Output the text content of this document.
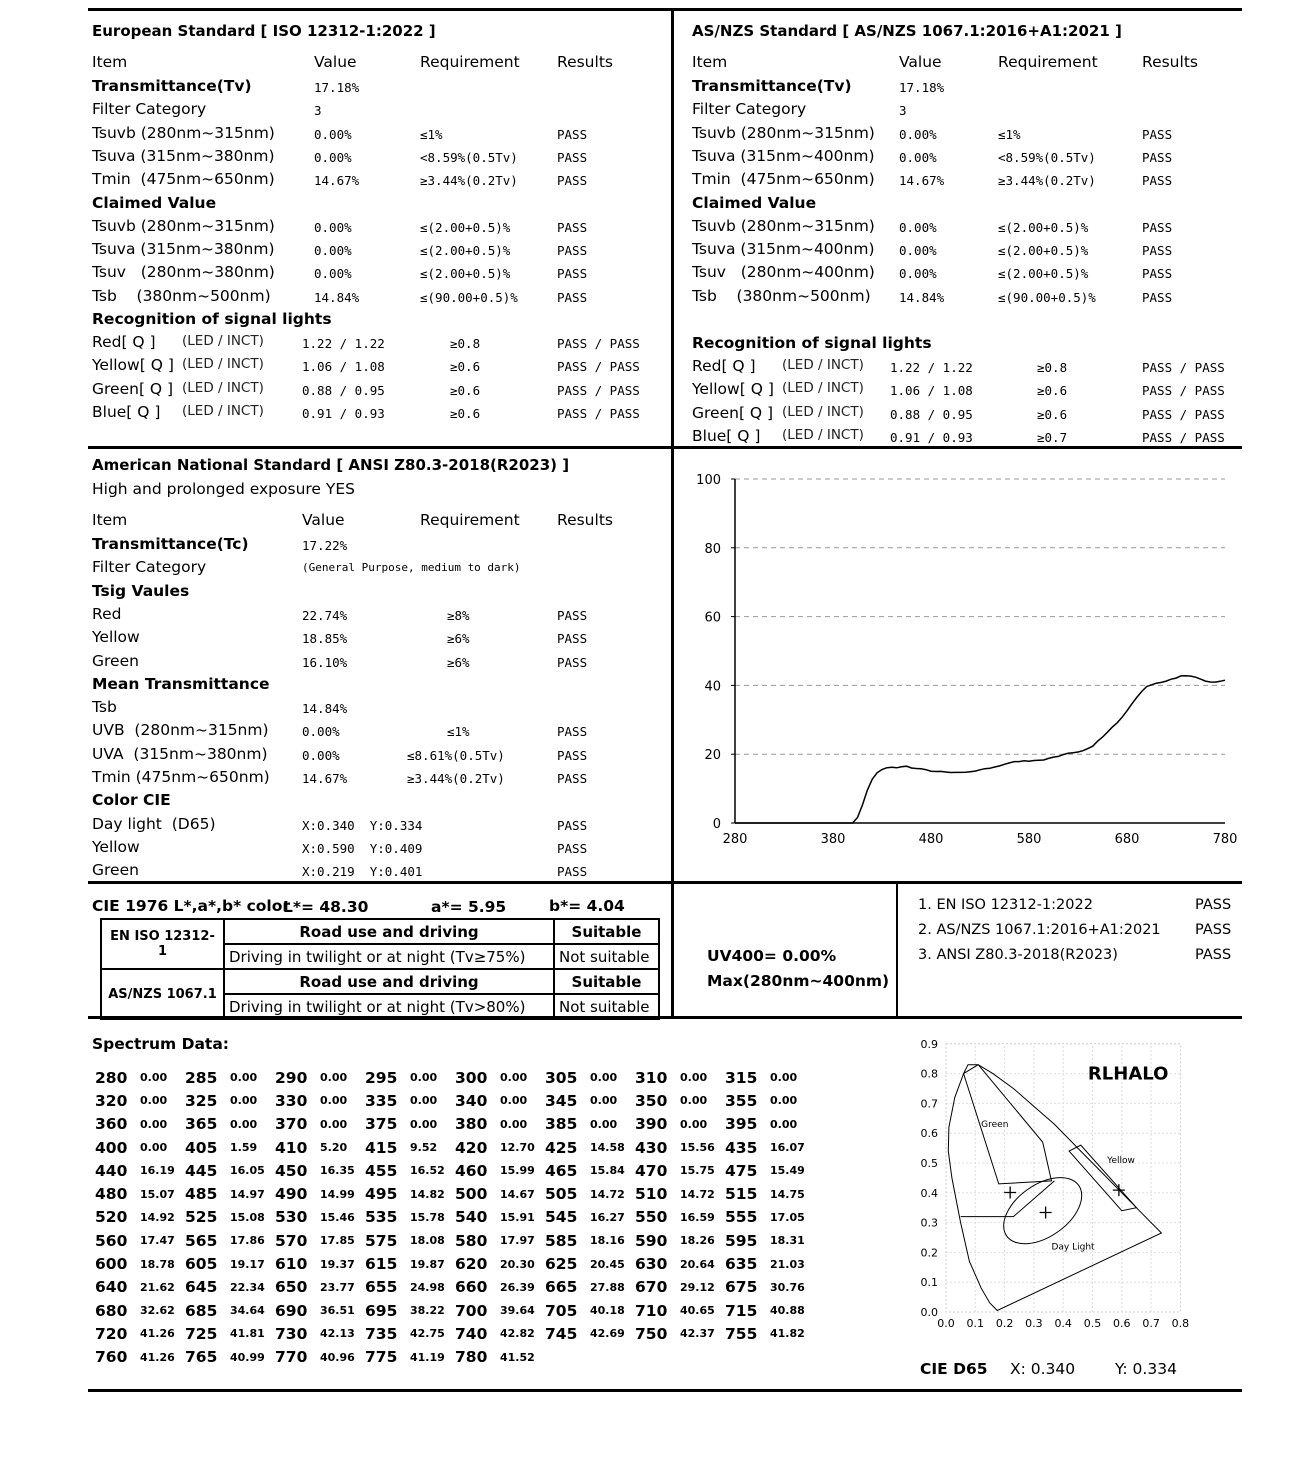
European Standard [ ISO 12312-1:2022 ]	AS/NZS Standard [ AS/NZS 1067.1:2016+A1:2021 ]
American National Standard [ ANSI Z80.3-2018(R2023) ]
High and prolonged exposure YES
0
20
40
60
80
100
280	380	480	580	680	780
CIE 1976 L*,a*,b* color
L*= 48.30	a*= 5.95	b*= 4.04
EN ISO 12312-1	Road use and driving	Suitable
	Driving in twilight or at night (Tv≥75%)	Not suitable
AS/NZS 1067.1	Road use and driving	Suitable
	Driving in twilight or at night (Tv>80%)	Not suitable
UV400= 0.00%
Max(280nm~400nm)
1. EN ISO 12312-1:2022	PASS
2. AS/NZS 1067.1:2016+A1:2021 PASS
3. ANSI Z80.3-2018(R2023)	PASS
Spectrum Data:
280	0.00	285	0.00	290	0.00	295	0.00	300	0.00	305	0.00	310	0.00	315	0.00
320	0.00	325	0.00	330	0.00	335	0.00	340	0.00	345	0.00	350	0.00	355	0.00
360	0.00	365	0.00	370	0.00	375	0.00	380	0.00	385	0.00	390	0.00	395	0.00
400	0.00	405	1.59	410	5.20	415	9.52	420	12.70 425	14.58 430	15.56 435	16.07
440	16.19 445	16.05 450	16.35 455	16.52 460	15.99 465	15.84 470	15.75 475	15.49
480	15.07 485	14.97 490	14.99 495	14.82 500	14.67 505	14.72 510	14.72 515	14.75
520	14.92 525	15.08 530	15.46 535	15.78 540	15.91 545	16.27 550	16.59 555	17.05
560	17.47 565	17.86 570	17.85 575	18.08 580	17.97 585	18.16 590	18.26 595	18.31
600	18.78 605	19.17 610	19.37 615	19.87 620	20.30 625	20.45 630	20.64 635	21.03
640	21.62 645	22.34 650	23.77 655	24.98 660	26.39 665	27.88 670	29.12 675	30.76
680	32.62 685	34.64 690	36.51 695	38.22 700	39.64 705	40.18 710	40.65 715	40.88
720	41.26 725	41.81 730	42.13 735	42.75 740	42.82 745	42.69 750	42.37 755	41.82
760	41.26 765	40.99 770	40.96 775	41.19 780	41.52
0.0
0.1
0.2
0.3
0.4
0.5
0.6
0.7
0.8
0.9
0.0 0.1 0.2 0.3 0.4 0.5 0.6 0.7 0.8
Green
Yellow
Day Light
RLHALO
CIE D65 X: 0.340	Y: 0.334
Item	Value	Requirement Results
Transmittance(Tv)	17.18%
Filter Category	3
Tsuvb (280nm~315nm)	0.00%	≤1%	PASS
Tsuva (315nm~380nm)	0.00%	<8.59%(0.5Tv)	PASS
Tmin  (475nm~650nm)	14.67%	≥3.44%(0.2Tv)	PASS
Claimed Value
Tsuvb (280nm~315nm)	0.00%	≤(2.00+0.5)%	PASS
Tsuva (315nm~380nm)	0.00%	≤(2.00+0.5)%	PASS
Tsuv   (280nm~380nm)	0.00%	≤(2.00+0.5)%	PASS
Tsb    (380nm~500nm)	14.84%	≤(90.00+0.5)%	PASS
Recognition of signal lights
Red[ Q ] (LED / INCT)	1.22 / 1.22	≥0.8	PASS / PASS
Yellow[ Q ] (LED / INCT)	1.06 / 1.08	≥0.6	PASS / PASS
Green[ Q ] (LED / INCT)	0.88 / 0.95	≥0.6	PASS / PASS
Blue[ Q ] (LED / INCT)	0.91 / 0.93	≥0.6	PASS / PASS
Item	Value	Requirement	Results
Transmittance(Tv)	17.18%
Filter Category	3
Tsuvb (280nm~315nm) 0.00%	≤1%	PASS
Tsuva (315nm~400nm) 0.00%	<8.59%(0.5Tv)	PASS
Tmin  (475nm~650nm) 14.67%	≥3.44%(0.2Tv)	PASS
Claimed Value
Tsuvb (280nm~315nm) 0.00%	≤(2.00+0.5)%	PASS
Tsuva (315nm~400nm) 0.00%	≤(2.00+0.5)%	PASS
Tsuv   (280nm~400nm) 0.00%	≤(2.00+0.5)%	PASS
Tsb    (380nm~500nm) 14.84%	≤(90.00+0.5)%	PASS
Recognition of signal lights
Red[ Q ] (LED / INCT) 1.22 / 1.22	≥0.8	PASS / PASS
Yellow[ Q ] (LED / INCT) 1.06 / 1.08	≥0.6	PASS / PASS
Green[ Q ] (LED / INCT) 0.88 / 0.95	≥0.6	PASS / PASS
Blue[ Q ] (LED / INCT) 0.91 / 0.93	≥0.7	PASS / PASS
Item	Value	Requirement Results
Transmittance(Tc)	17.22%
Filter Category	(General Purpose, medium to dark)
Tsig Vaules
Red	22.74%	≥8%	PASS
Yellow	18.85%	≥6%	PASS
Green	16.10%	≥6%	PASS
Mean Transmittance
Tsb	14.84%
UVB  (280nm~315nm)	0.00%	≤1%	PASS
UVA  (315nm~380nm)	0.00%	≤8.61%(0.5Tv)	PASS
Tmin (475nm~650nm)	14.67%	≥3.44%(0.2Tv)	PASS
Color CIE
Day light  (D65)	X:0.340  Y:0.334	PASS
Yellow	X:0.590  Y:0.409	PASS
Green	X:0.219  Y:0.401	PASS
